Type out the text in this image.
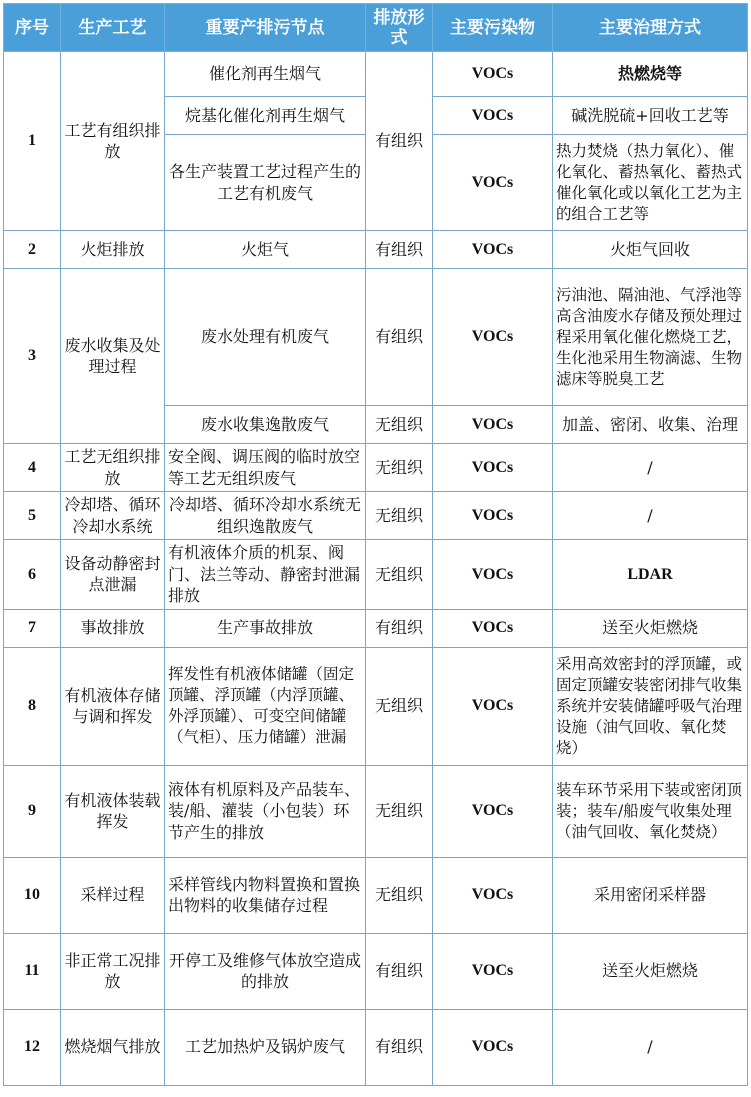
序号	生产工艺	重要产排污节点	排放形式	主要污染物	主要治理方式
1	工艺有组织排放	催化剂再生烟气	有组织	VOCs	热燃烧等
		烷基化催化剂再生烟气		VOCs	碱洗脱硫+回收工艺等
		各生产装置工艺过程产生的工艺有机废气		VOCs	热力焚烧（热力氧化）、催化氧化、蓄热氧化、蓄热式催化氧化或以氧化工艺为主的组合工艺等
2	火炬排放	火炬气	有组织	VOCs	火炬气回收
3	废水收集及处理过程	废水处理有机废气	有组织	VOCs	污油池、隔油池、气浮池等高含油废水存储及预处理过程采用氧化催化燃烧工艺，生化池采用生物滴滤、生物滤床等脱臭工艺
		废水收集逸散废气	无组织	VOCs	加盖、密闭、收集、治理
4	工艺无组织排放	安全阀、调压阀的临时放空等工艺无组织废气	无组织	VOCs	/
5	冷却塔、循环冷却水系统	冷却塔、循环冷却水系统无组织逸散废气	无组织	VOCs	/
6	设备动静密封点泄漏	有机液体介质的机泵、阀门、法兰等动、静密封泄漏排放	无组织	VOCs	LDAR
7	事故排放	生产事故排放	有组织	VOCs	送至火炬燃烧
8	有机液体存储与调和挥发	挥发性有机液体储罐（固定顶罐、浮顶罐（内浮顶罐、外浮顶罐）、可变空间储罐（气柜）、压力储罐）泄漏	无组织	VOCs	采用高效密封的浮顶罐，或固定顶罐安装密闭排气收集系统并安装储罐呼吸气治理设施（油气回收、氧化焚烧）
9	有机液体装载挥发	液体有机原料及产品装车、装/船、灌装（小包装）环节产生的排放	无组织	VOCs	装车环节采用下装或密闭顶装；装车/船废气收集处理（油气回收、氧化焚烧）
10	采样过程	采样管线内物料置换和置换出物料的收集储存过程	无组织	VOCs	采用密闭采样器
11	非正常工况排放	开停工及维修气体放空造成的排放	有组织	VOCs	送至火炬燃烧
12	燃烧烟气排放	工艺加热炉及锅炉废气	有组织	VOCs	/
